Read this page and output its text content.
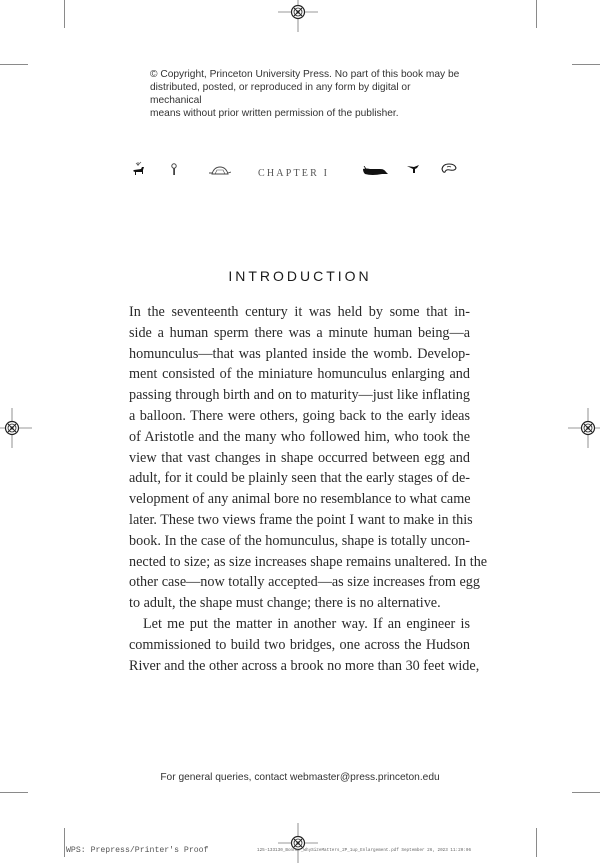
© Copyright, Princeton University Press. No part of this book may be
distributed, posted, or reproduced in any form by digital or mechanical
means without prior written permission of the publisher.
CHAPTER I
INTRODUCTION

In the seventeenth century it was held by some that in-
side a human sperm there was a minute human being—a
homunculus—that was planted inside the womb. Develop-
ment consisted of the miniature homunculus enlarging and
passing through birth and on to maturity—just like inflating
a balloon. There were others, going back to the early ideas
of Aristotle and the many who followed him, who took the
view that vast changes in shape occurred between egg and
adult, for it could be plainly seen that the early stages of de-
velopment of any animal bore no resemblance to what came
later. These two views frame the point I want to make in this
book. In the case of the homunculus, shape is totally uncon-
nected to size; as size increases shape remains unaltered. In the
other case—now totally accepted—as size increases from egg
to adult, the shape must change; there is no alternative.

Let me put the matter in another way. If an engineer is
commissioned to build two bridges, one across the Hudson
River and the other across a brook no more than 30 feet wide,

For general queries, contact webmaster@press.princeton.edu
WPS: Prepress/Printer's Proof	125-133130_Bonner_WhySizeMatters_2P_1up_Enlargement.pdf September 26, 2023 11:20:06
